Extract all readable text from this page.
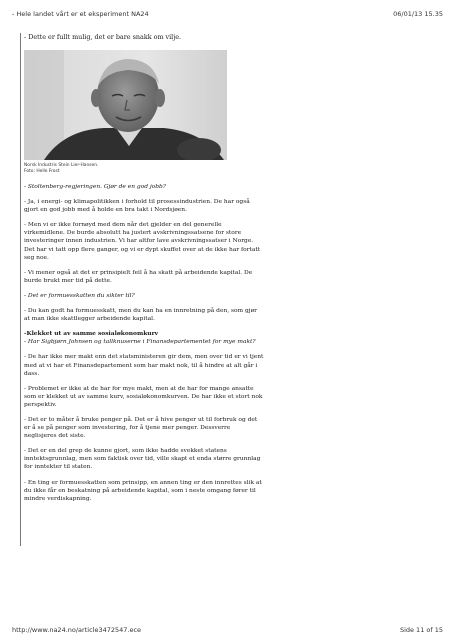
- Hele landet vårt er et eksperiment NA24	06/01/13 15.35

- Dette er fullt mulig, det er bare snakk om vilje.

Norsk Industris Stein Lier-Hansen.
Foto: Helle Frost

- Stoltenberg-regjeringen. Gjør de en god jobb?

- Ja, i energi- og klimapolitikken i forhold til prosessindustrien. De har også gjort en god jobb med å holde en bra takt i Nordsjøen.

- Men vi er ikke fornøyd med dem når det gjelder en del generelle virkemidlene. De burde absolutt ha justert avskrivningssatsene for store investeringer innen industrien. Vi har altfor lave avskrivningssatser i Norge. Det har vi tatt opp flere ganger, og vi er dypt skuffet over at de ikke har fortatt seg noe.

- Vi mener også at det er prinsipielt feil å ha skatt på arbeidende kapital. De burde brukt mer tid på dette.

- Det er formuesskatten du sikter til?

- Du kan godt ha formuesskatt, men du kan ha en innretning på den, som gjør at man ikke skattlegger arbeidende kapital.

-Klekket ut av samme sosialøkonomkurv

- Har Sigbjørn Johnsen og tallknuserne i Finansdepartementet for mye makt?

- De har ikke mer makt enn det statsministeren gir dem, men over tid er vi tjent med at vi har et Finansdepartement som har makt nok, til å hindre at alt går i dass.

- Problemet er ikke at de har for mye makt, men at de har for mange ansatte som er klekket ut av samme kurv, sosialøkonomkurven. De har ikke et stort nok perspektiv.

- Det er to måter å bruke penger på. Det er å hive penger ut til forbruk og det er å se på penger som investering, for å tjene mer penger. Dessverre neglisjeres det siste.

- Det er en del grep de kunne gjort, som ikke hadde svekket statens inntektsgrunnlag, men som faktisk over tid, ville skapt et enda større grunnlag for inntekter til staten.

- En ting er formuesskatten som prinsipp, en annen ting er den innrettes slik at du ikke får en beskatning på arbeidende kapital, som i neste omgang fører til mindre verdiskapning.

http://www.na24.no/article3472547.ece	Side 11 of 15
